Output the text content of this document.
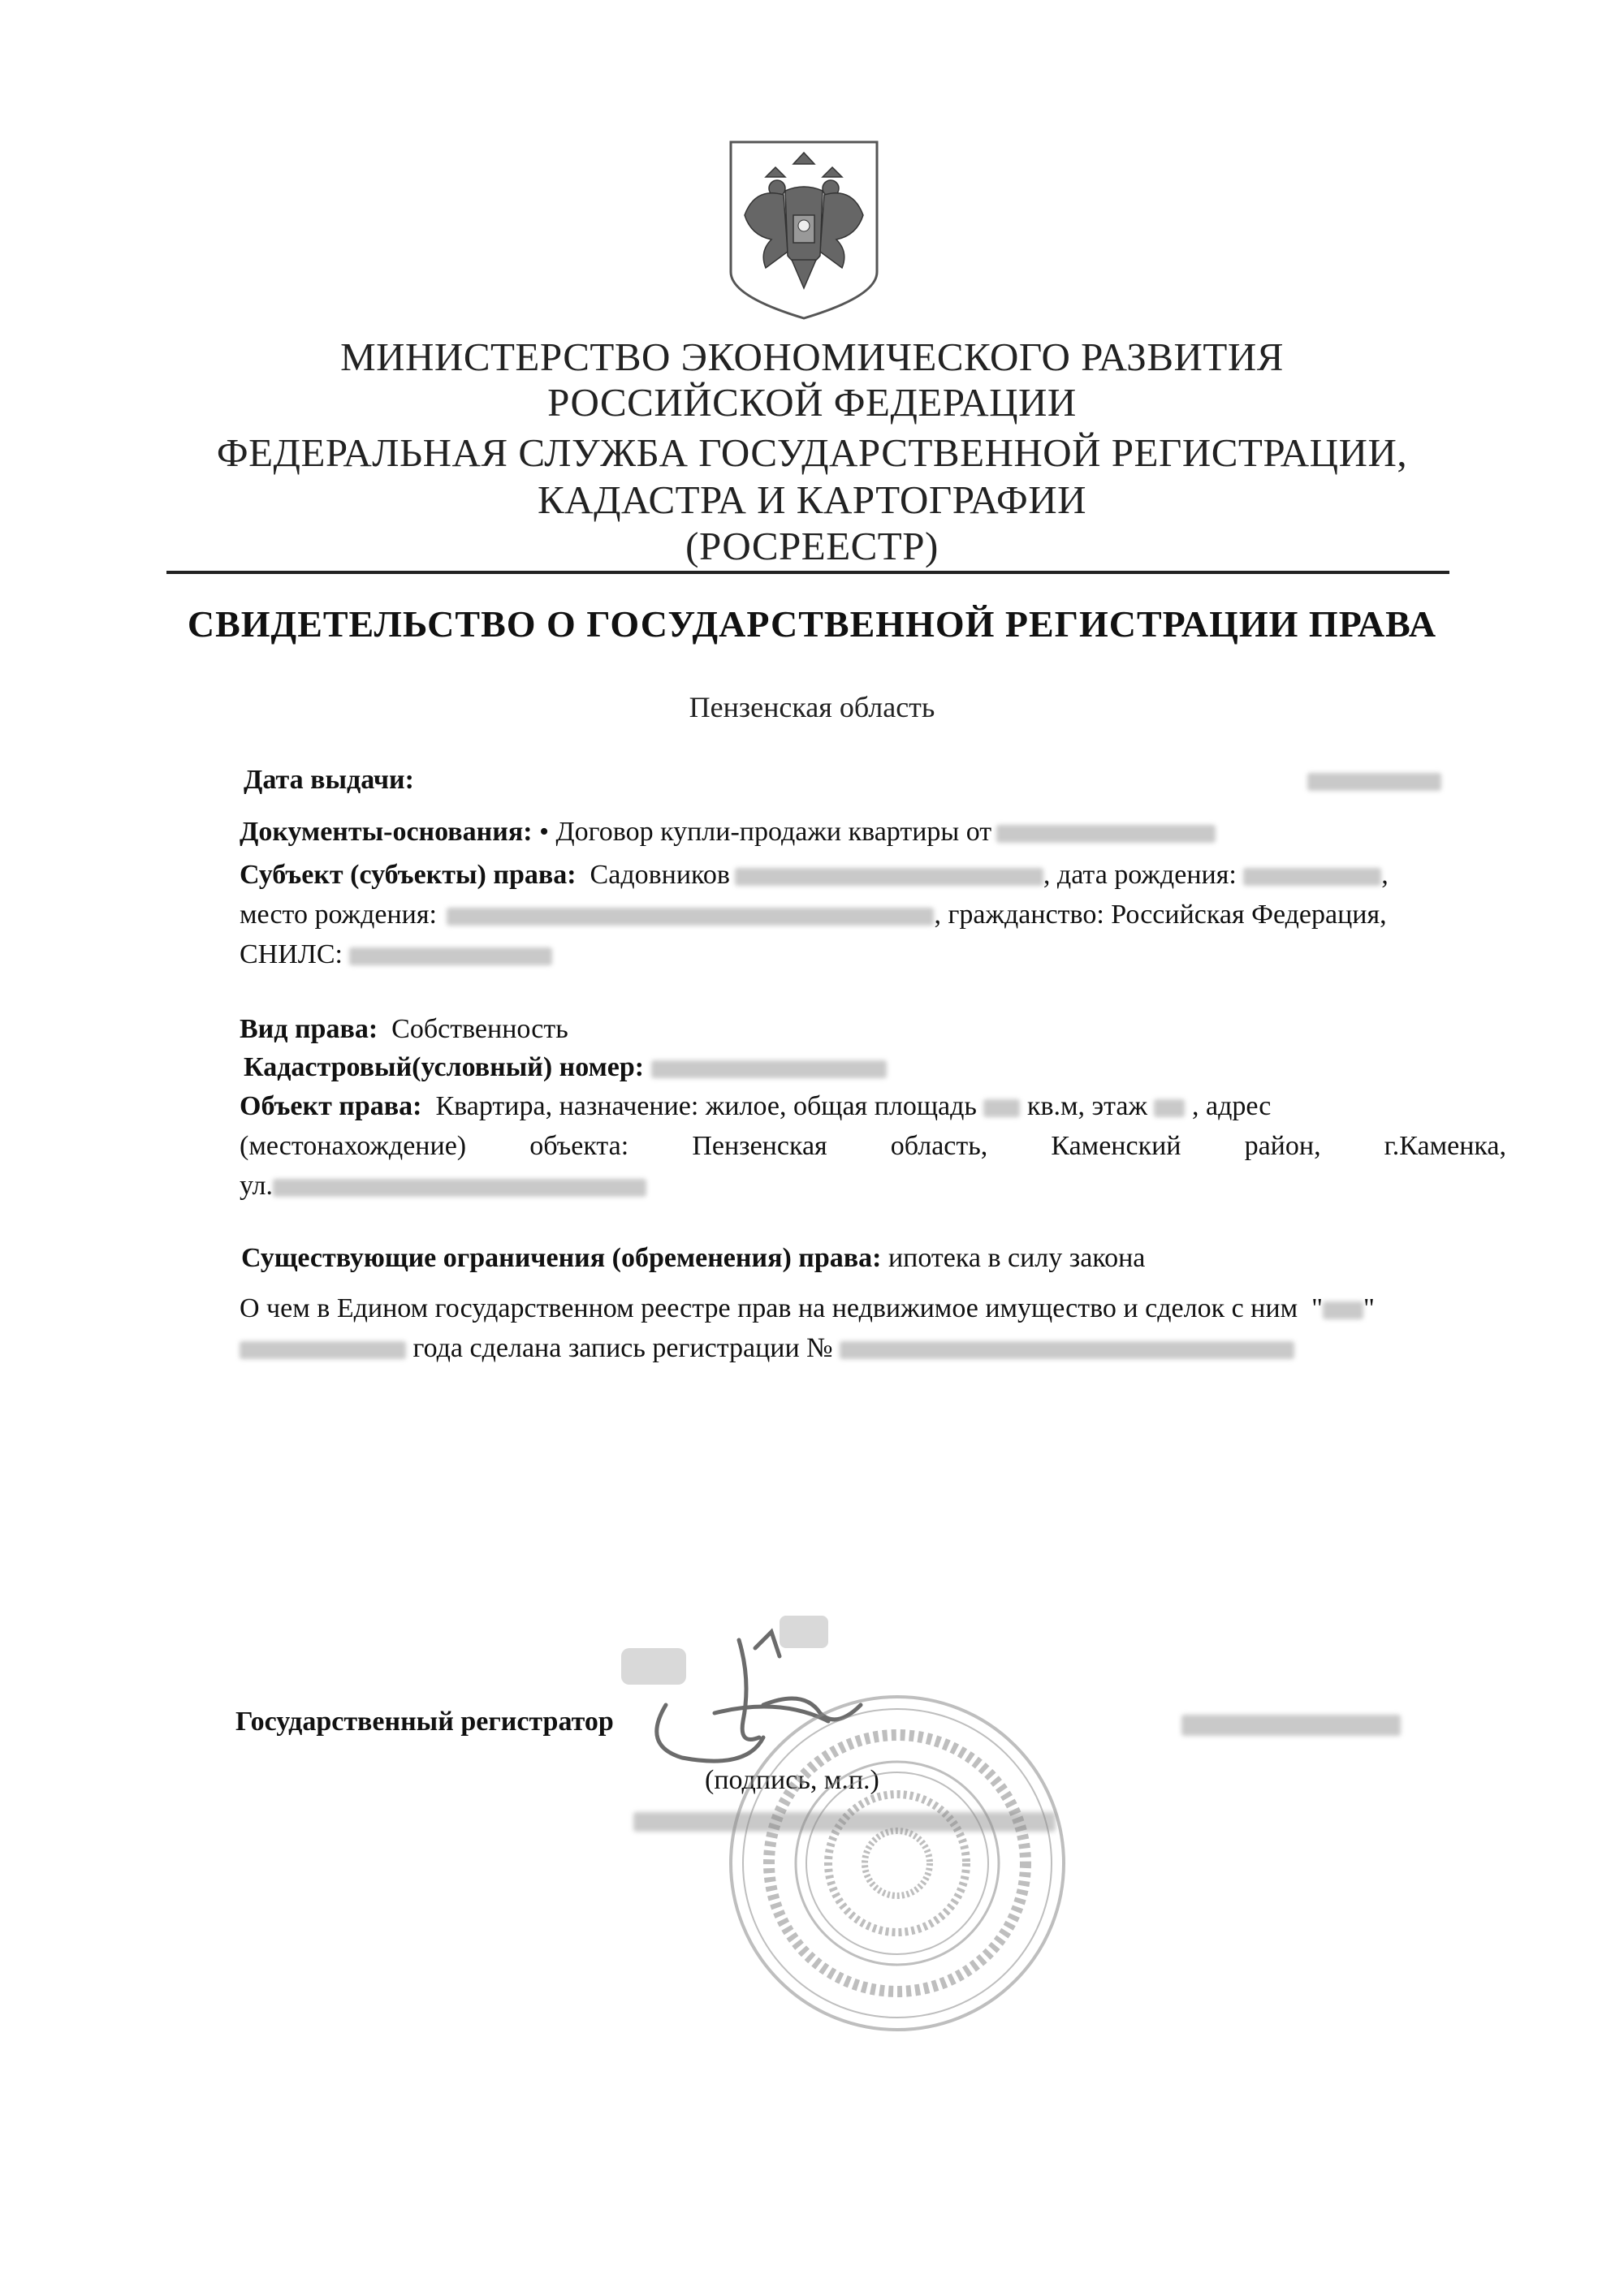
МИНИСТЕРСТВО ЭКОНОМИЧЕСКОГО РАЗВИТИЯ
РОССИЙСКОЙ ФЕДЕРАЦИИ
ФЕДЕРАЛЬНАЯ СЛУЖБА ГОСУДАРСТВЕННОЙ РЕГИСТРАЦИИ,
КАДАСТРА И КАРТОГРАФИИ
(РОСРЕЕСТР)
СВИДЕТЕЛЬСТВО О ГОСУДАРСТВЕННОЙ РЕГИСТРАЦИИ ПРАВА
Пензенская область
Дата выдачи:
Документы-основания: • Договор купли-продажи квартиры от
Субъект (субъекты) права: Садовников	, дата рождения:	,
место рождения:	, гражданство: Российская Федерация,
СНИЛС:
Вид права: Собственность
Кадастровый(условный) номер:
Объект права: Квартира, назначение: жилое, общая площадь кв.м, этаж , адрес
(местонахождение) объекта: Пензенская область, Каменский район, г.Каменка,
ул.
Существующие ограничения (обременения) права: ипотека в силу закона
О чем в Едином государственном реестре прав на недвижимое имущество и сделок с ним " "
года сделана запись регистрации №
Государственный регистратор
(подпись, м.п.)
